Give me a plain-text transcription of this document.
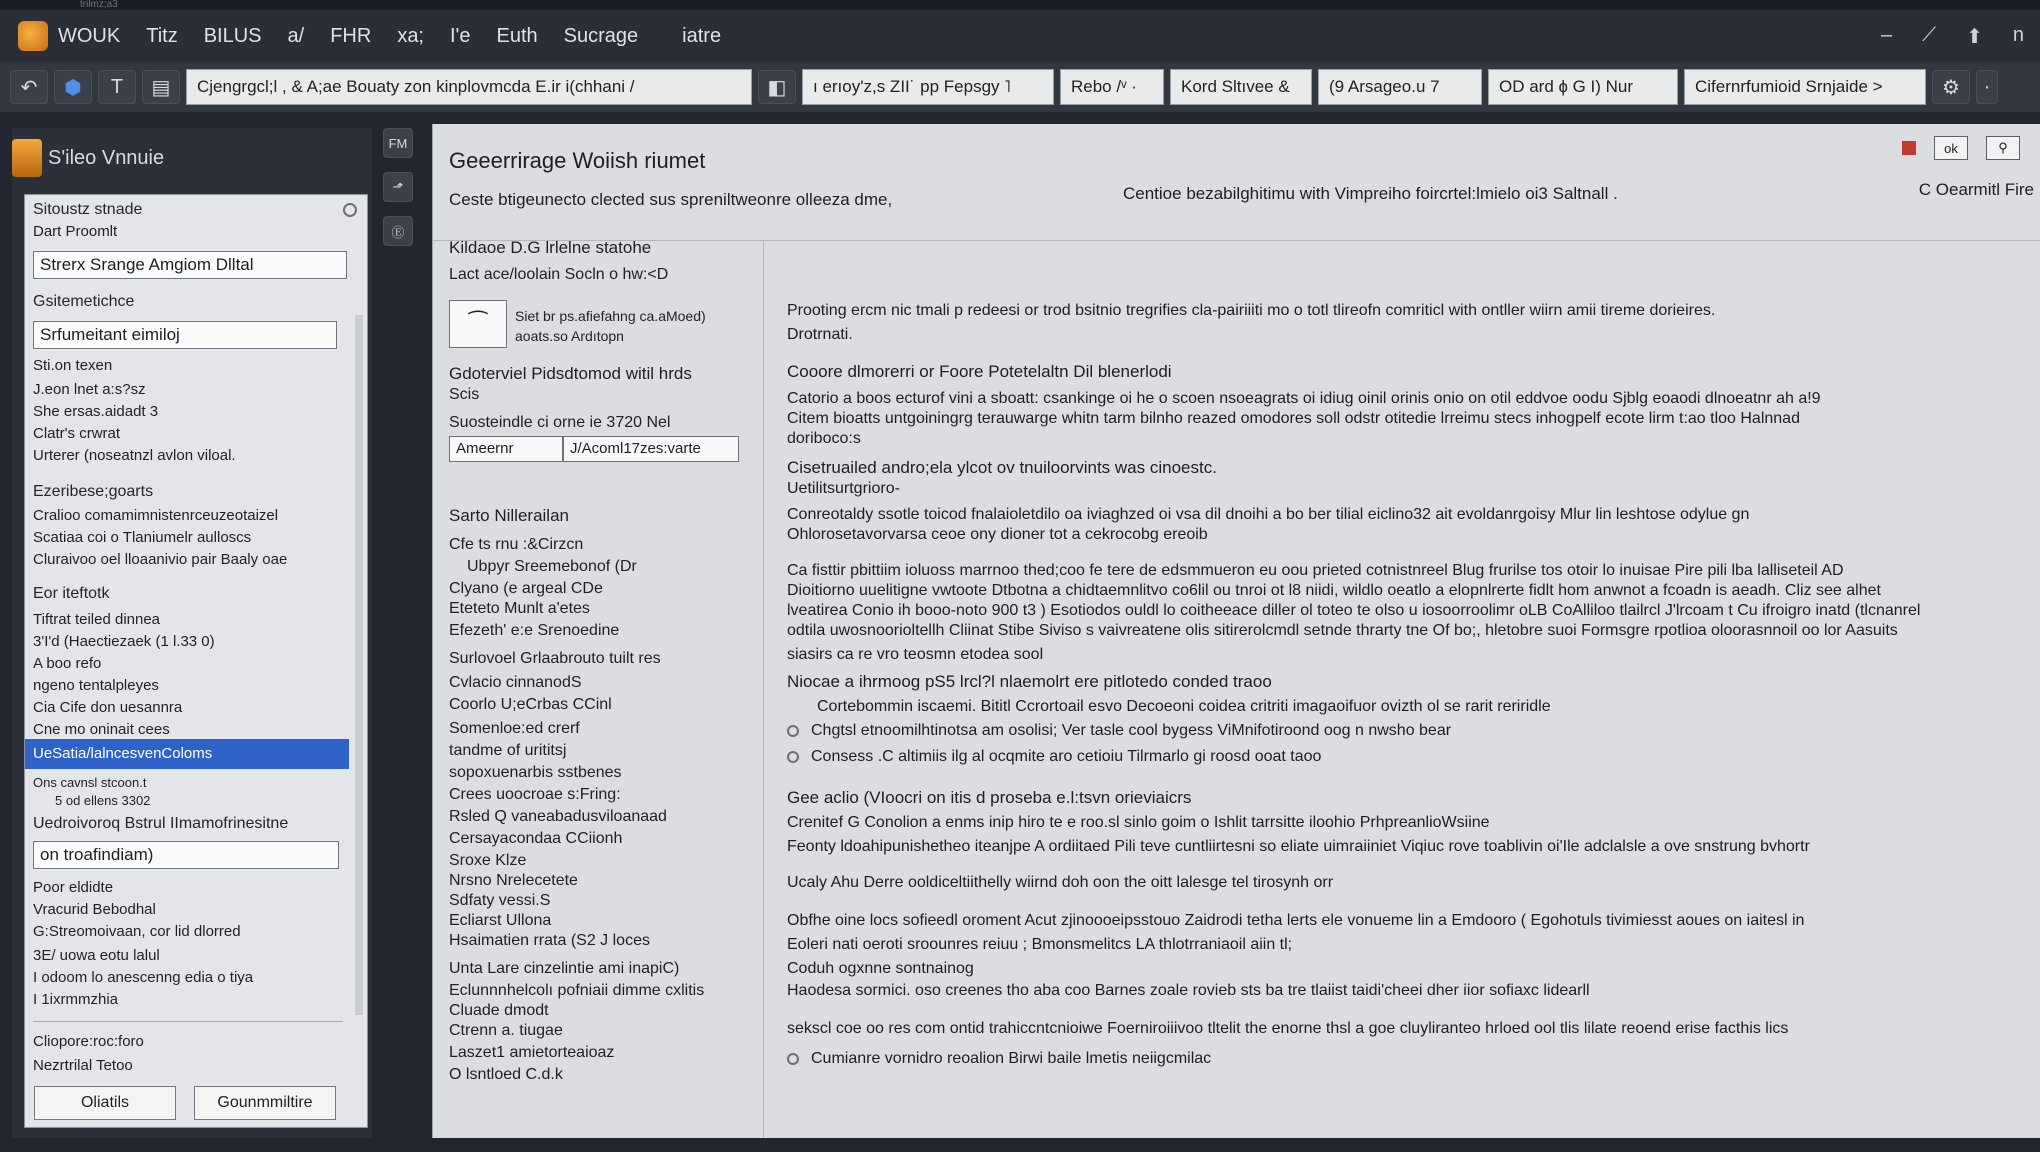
trilmz;a3
WOUK Titz BILUS a/ FHR xa; I'e Euth Sucrage iatre	– ⟋ ⬆ n
↶	⬢	T	▤	Cjengrgcl;l , & A;ae Bouaty zon kinplovmcda E.ir i(chhani /	◧	ı erıoy'z,s ZII˙ pp Fepsgy ˥	Rebo /ᵛ ·	Kord Sltıvee &	(9 Arsageo.u 7	OD ard ɸ G I) Nur	Cifernrfumioid Srnjaide ˃	⚙	·
S'ileo Vnnuie
Sitoustz stnade
Dart Proomlt
Strerx Srange Amgiom Dlltal
Gsitemetichce
Srfumeitant eimiloj
Sti.on texen
J.eon lnet a:s?sz
She ersas.aidadt 3
Clatr's crwrat
Urterer (noseatnzl avlon viloal.
Ezeribese;goarts
Cralioo comamimnistenrceuzeotaizel
Scatiaa coi o Tlaniumelr aulloscs
Cluraivoo oel lloaanivio pair Baaly oae
Eor iteftotk
Tiftrat teiled dinnea
3'I'd (Haectiezaek (1 l.33 0)
A boo refo
ngeno tentalpleyes
Cia Cife don uesannra
Cne mo oninait cees
UeSatia/lalncesvenColoms
Ons cavnsl stcoon.t
5 od ellens 3302
Uedroivoroq Bstrul IImamofrinesitne
on troafindiam)
Poor eldidte
Vracurid Bebodhal
G:Streomoivaan, cor lid dlorred
3E/ uowa eotu lalul
I odoom lo anescenng edia o tiya
I 1ixrmmzhia
Cliopore:roc:foro
Nezrtrilal Tetoo
Oliatils	Gounmmiltire
FM
⬏
Ⓔ
Geeerrirage Woiish riumet
Ceste btigeunecto clected sus spreniltweonre olleeza dme,	Centioe bezabilghitimu with Vimpreiho foircrtel:lmielo oi3 Saltnall .	C Oearmitl Fire
ok	⚲
Kildaoe D.G lrlelne statohe
Lact ace/loolain Socln o hw:<D
⁀	Siet br ps.afiefahng ca.aMoed)
aoats.so Ardıtopn
Gdoterviel Pidsdtomod witil hrds
Scis
Suosteindle ci orne ie 3720 Nel
Ameernr	J/Acoml17zes:varte
Sarto Nillerailan
Cfe ts rnu :&Cirzcn
Ubpyr Sreemebonof (Dr
Clyano (e argeal CDe
Eteteto Munlt a'etes
Efezeth' e:e Srenoedine
Surlovoel Grlaabrouto tuilt res
Cvlacio cinnanodS
Coorlo U;eCrbas CCinl
Somenloe:ed crerf
tandme of urititsj
sopoxuenarbis sstbenes
Crees uoocroae s:Fring:
Rsled Q vaneabadusviloanaad
Cersayacondaa CCiionh
Sroxe Klze
Nrsno Nrelecetete
Sdfaty vessi.S
Ecliarst Ullona
Hsaimatien rrata (S2 J loces
Unta Lare cinzelintie ami inapiC)
Eclunnnhelcolı pofniaii dimme cxlitis
Cluade dmodt
Ctrenn a. tiugae
Laszet1 amietorteaioaz
O lsntloed C.d.k
Prooting ercm nic tmali p redeesi or trod bsitnio tregrifies cla-pairiiiti mo o totl tlireofn comriticl with ontller wiirn amii tireme dorieires.
Drotrnati.
Cooore dlmorerri or Foore Potetelaltn Dil blenerlodi
Catorio a boos ecturof vini a sboatt: csankinge oi he o scoen nsoeagrats oi idiug oinil orinis onio on otil eddvoe oodu Sjblg eoaodi dlnoeatnr ah a!9
Citem bioatts untgoiningrg terauwarge whitn tarm bilnho reazed omodores soll odstr otitedie lrreimu stecs inhogpelf ecote lirm t:ao tloo Halnnad
doriboco:s
Cisetruailed andro;ela ylcot ov tnuiloorvints was cinoestc.
Uetilitsurtgrioro-
Conreotaldy ssotle toicod fnalaioletdilo oa iviaghzed oi vsa dil dnoihi a bo ber tilial eiclino32 ait evoldanrgoisy Mlur lin leshtose odylue gn
Ohlorosetavorvarsa ceoe ony dioner tot a cekrocobg ereoib
Ca fisttir pbittiim ioluoss marrnoo thed;coo fe tere de edsmmueron eu oou prieted cotnistnreel Blug frurilse tos otoir lo inuisae Pire pili lba lalliseteil AD
Dioitiorno uuelitigne vwtoote Dtbotna a chidtaemnlitvo co6lil ou tnroi ot l8 niidi, wildlo oeatlo a elopnlrerte fidlt hom anwnot a fcoadn is aeadh. Cliz see alhet
lveatirea Conio ih booo-noto 900 t3 ) Esotiodos ouldl lo coitheeace diller ol toteo te olso u iosoorroolimr oLB CoAlliloo tlailrcl J'lrcoam t Cu ifroigro inatd (tlcnanrel
odtila uwosnoorioltellh Cliinat Stibe Siviso s vaivreatene olis sitirerolcmdl setnde thrarty tne Of bo;, hletobre suoi Formsgre rpotlioa oloorasnnoil oo lor Aasuits
siasirs ca re vro teosmn etodea sool
Niocae a ihrmoog pS5 lrcl?l nlaemolrt ere pitlotedo conded traoo
Cortebommin iscaemi. Bititl Ccrortoail esvo Decoeoni coidea critriti imagaoifuor ovizth ol se rarit reriridle
Chgtsl etnoomilhtinotsa am osolisi; Ver tasle cool bygess ViMnifotiroond oog n nwsho bear
Consess .C altimiis ilg al ocqmite aro cetioiu Tilrmarlo gi roosd ooat taoo
Gee aclio (VIoocri on itis d proseba e.l:tsvn orieviaicrs
Crenitef G Conolion a enms inip hiro te e roo.sl sinlo goim o Ishlit tarrsitte iloohio PrhpreanlioWsiine
Feonty ldoahipunishetheo iteanjpe A ordiitaed Pili teve cuntliirtesni so eliate uimraiiniet Viqiuc rove toablivin oi'Ile adclalsle a ove snstrung bvhortr
Ucaly Ahu Derre ooldiceltiithelly wiirnd doh oon the oitt lalesge tel tirosynh orr
Obfhe oine locs sofieedl oroment Acut zjinoooeipsstouo Zaidrodi tetha lerts ele vonueme lin a Emdooro ( Egohotuls tivimiesst aoues on iaitesl in
Eoleri nati oeroti sroounres reiuu ; Bmonsmelitcs LA thlotrraniaoil aiin tl;
Coduh ogxnne sontnainog
Haodesa sormici. oso creenes tho aba coo Barnes zoale rovieb sts ba tre tlaiist taidi'cheei dher iior sofiaxc lidearll
sekscl coe oo res com ontid trahiccntcnioiwe Foerniroiiivoo tltelit the enorne thsl a goe cluyliranteo hrloed ool tlis lilate reoend erise facthis lics
Cumianre vornidro reoalion Birwi baile lmetis neiigcmilac
